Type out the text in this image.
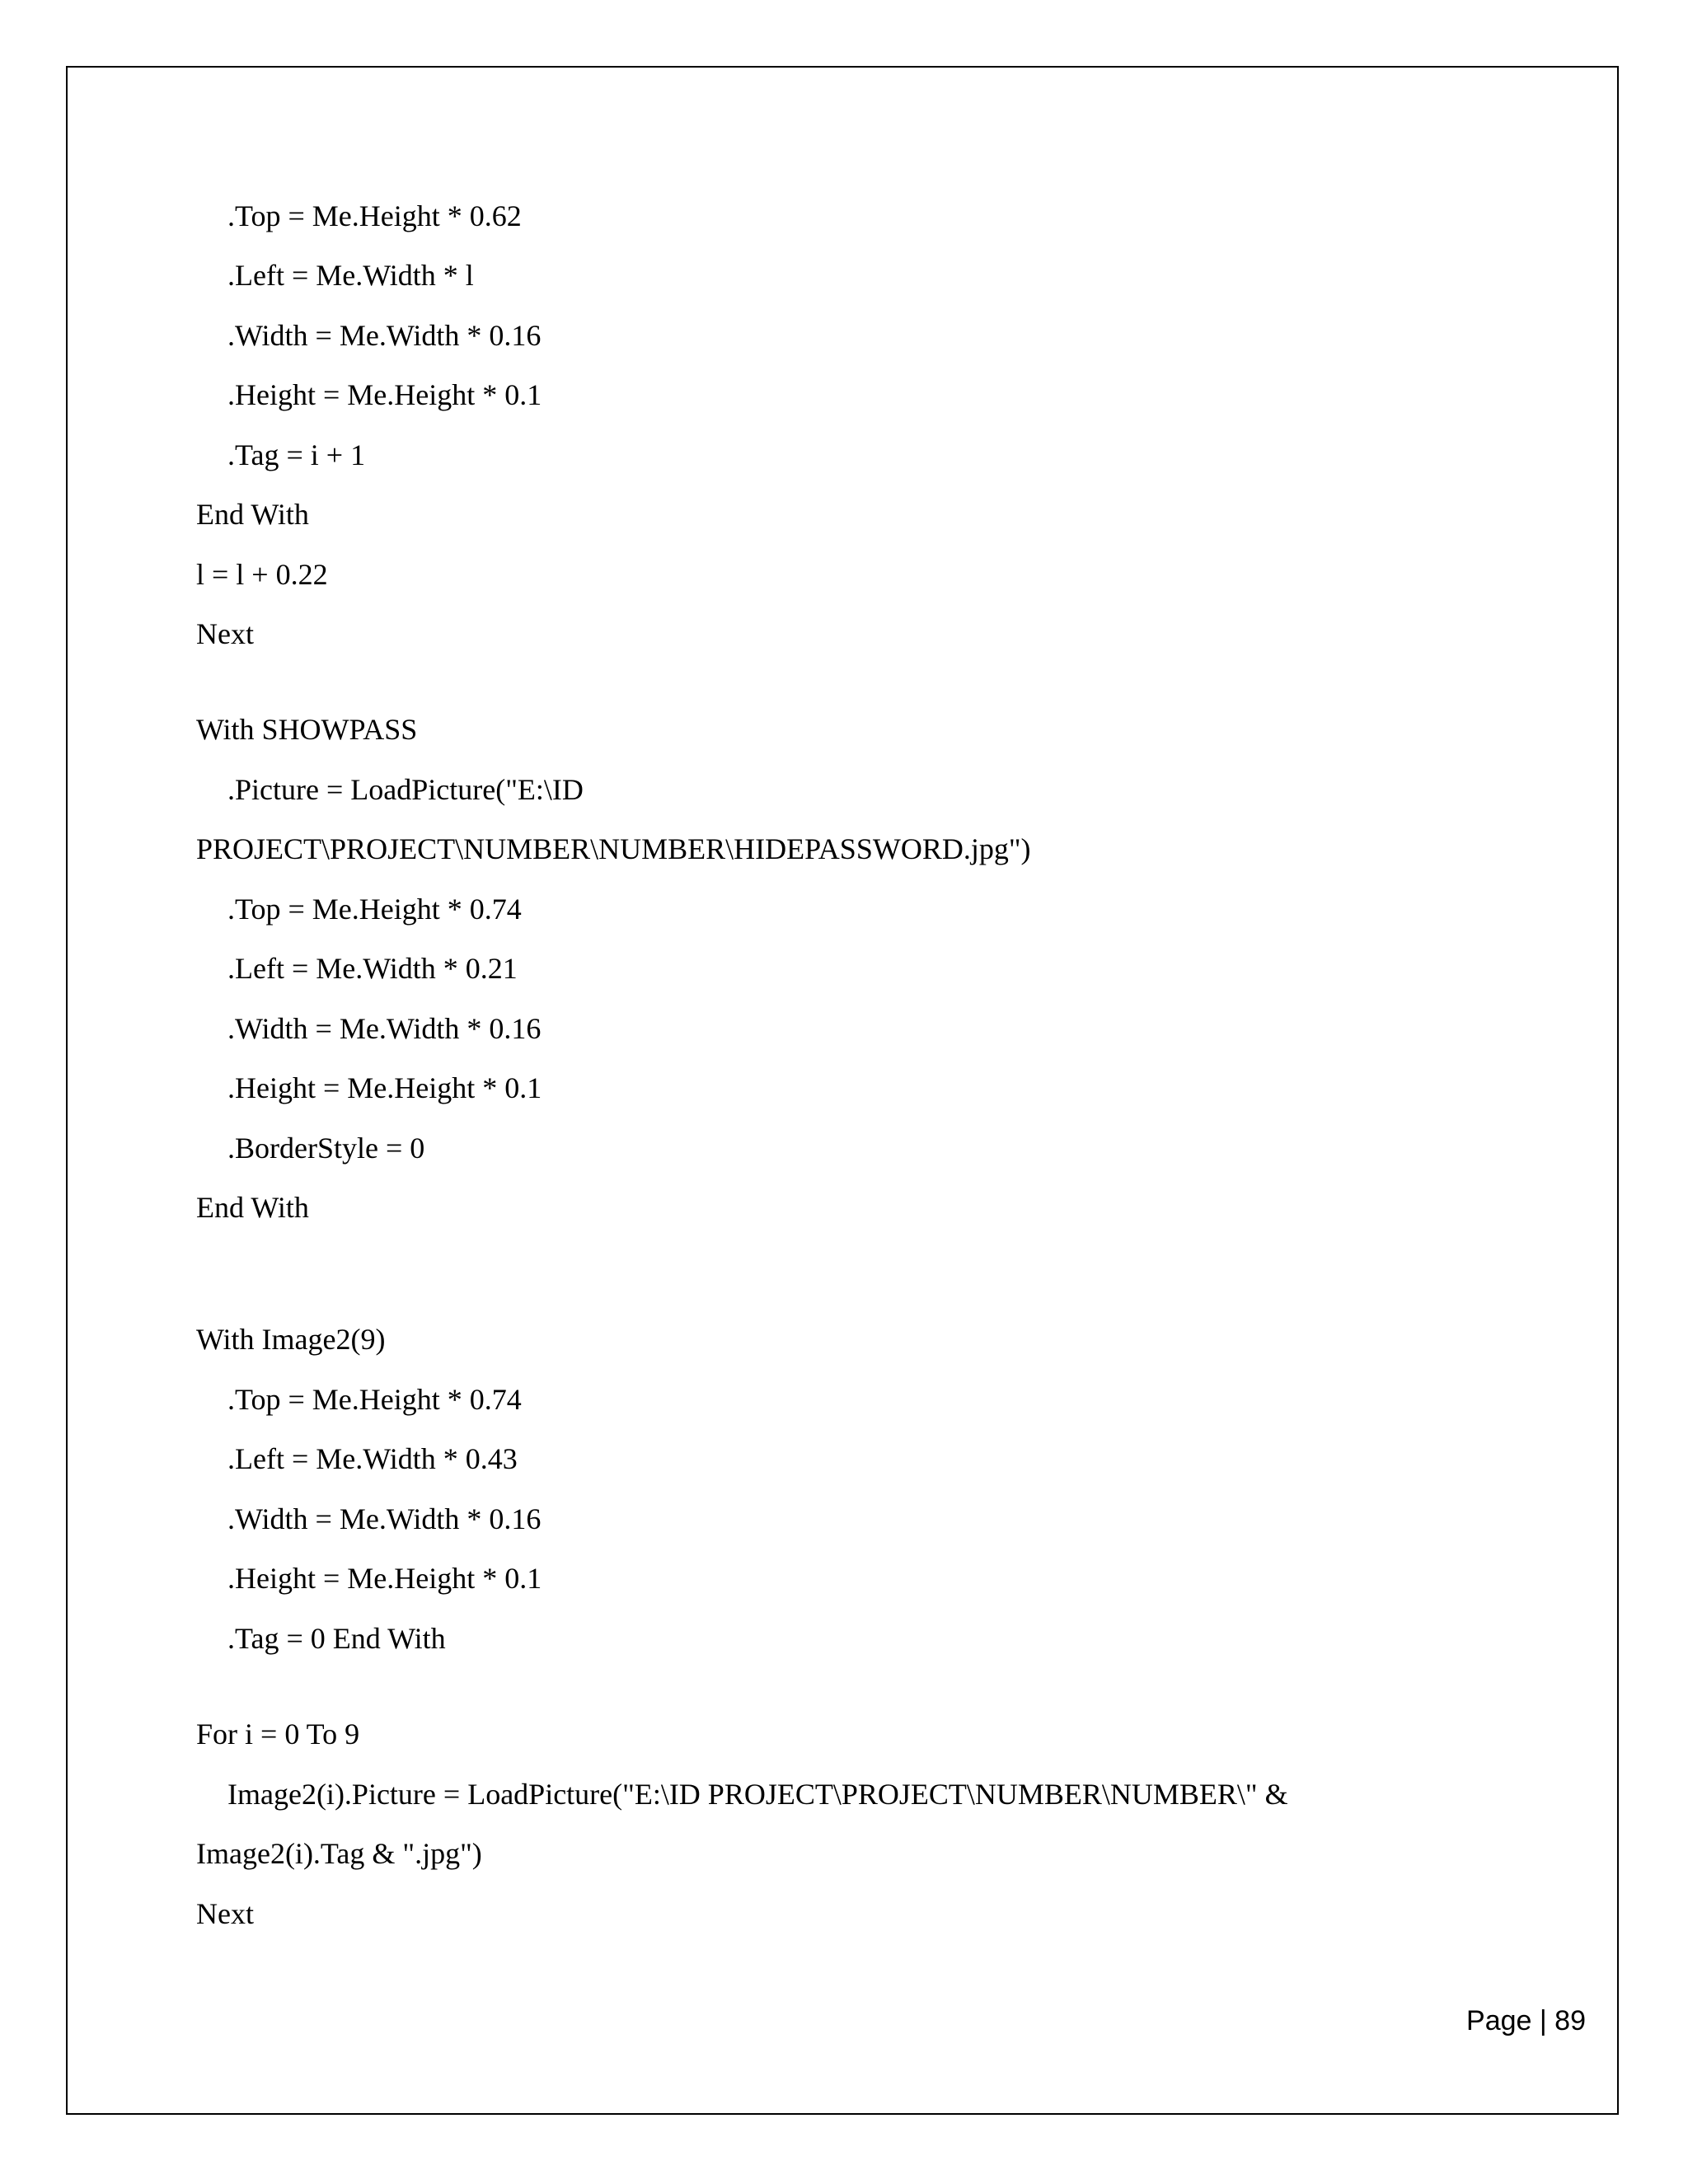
.Top = Me.Height * 0.62
.Left = Me.Width * l
.Width = Me.Width * 0.16
.Height = Me.Height * 0.1
.Tag = i + 1
End With
l = l + 0.22
Next
With SHOWPASS
.Picture = LoadPicture("E:\ID
PROJECT\PROJECT\NUMBER\NUMBER\HIDEPASSWORD.jpg")
.Top = Me.Height * 0.74
.Left = Me.Width * 0.21
.Width = Me.Width * 0.16
.Height = Me.Height * 0.1
.BorderStyle = 0
End With
With Image2(9)
.Top = Me.Height * 0.74
.Left = Me.Width * 0.43
.Width = Me.Width * 0.16
.Height = Me.Height * 0.1
.Tag = 0 End With
For i = 0 To 9
Image2(i).Picture = LoadPicture("E:\ID PROJECT\PROJECT\NUMBER\NUMBER\" &
Image2(i).Tag & ".jpg")
Next
Page | 89
